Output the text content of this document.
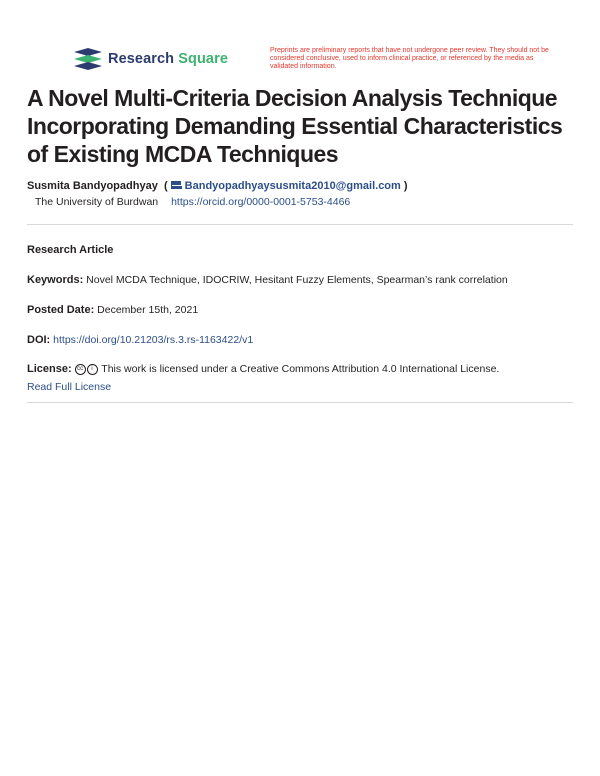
Research Square
Preprints are preliminary reports that have not undergone peer review. They should not be considered conclusive, used to inform clinical practice, or referenced by the media as validated information.
A Novel Multi-Criteria Decision Analysis Technique Incorporating Demanding Essential Characteristics of Existing MCDA Techniques
Susmita Bandyopadhyay  ( Bandyopadhyaysusmita2010@gmail.com )
The University of Burdwan https://orcid.org/0000-0001-5753-4466
Research Article
Keywords: Novel MCDA Technique, IDOCRIW, Hesitant Fuzzy Elements, Spearman’s rank correlation
Posted Date: December 15th, 2021
DOI: https://doi.org/10.21203/rs.3.rs-1163422/v1
License: cc i This work is licensed under a Creative Commons Attribution 4.0 International License.
Read Full License
